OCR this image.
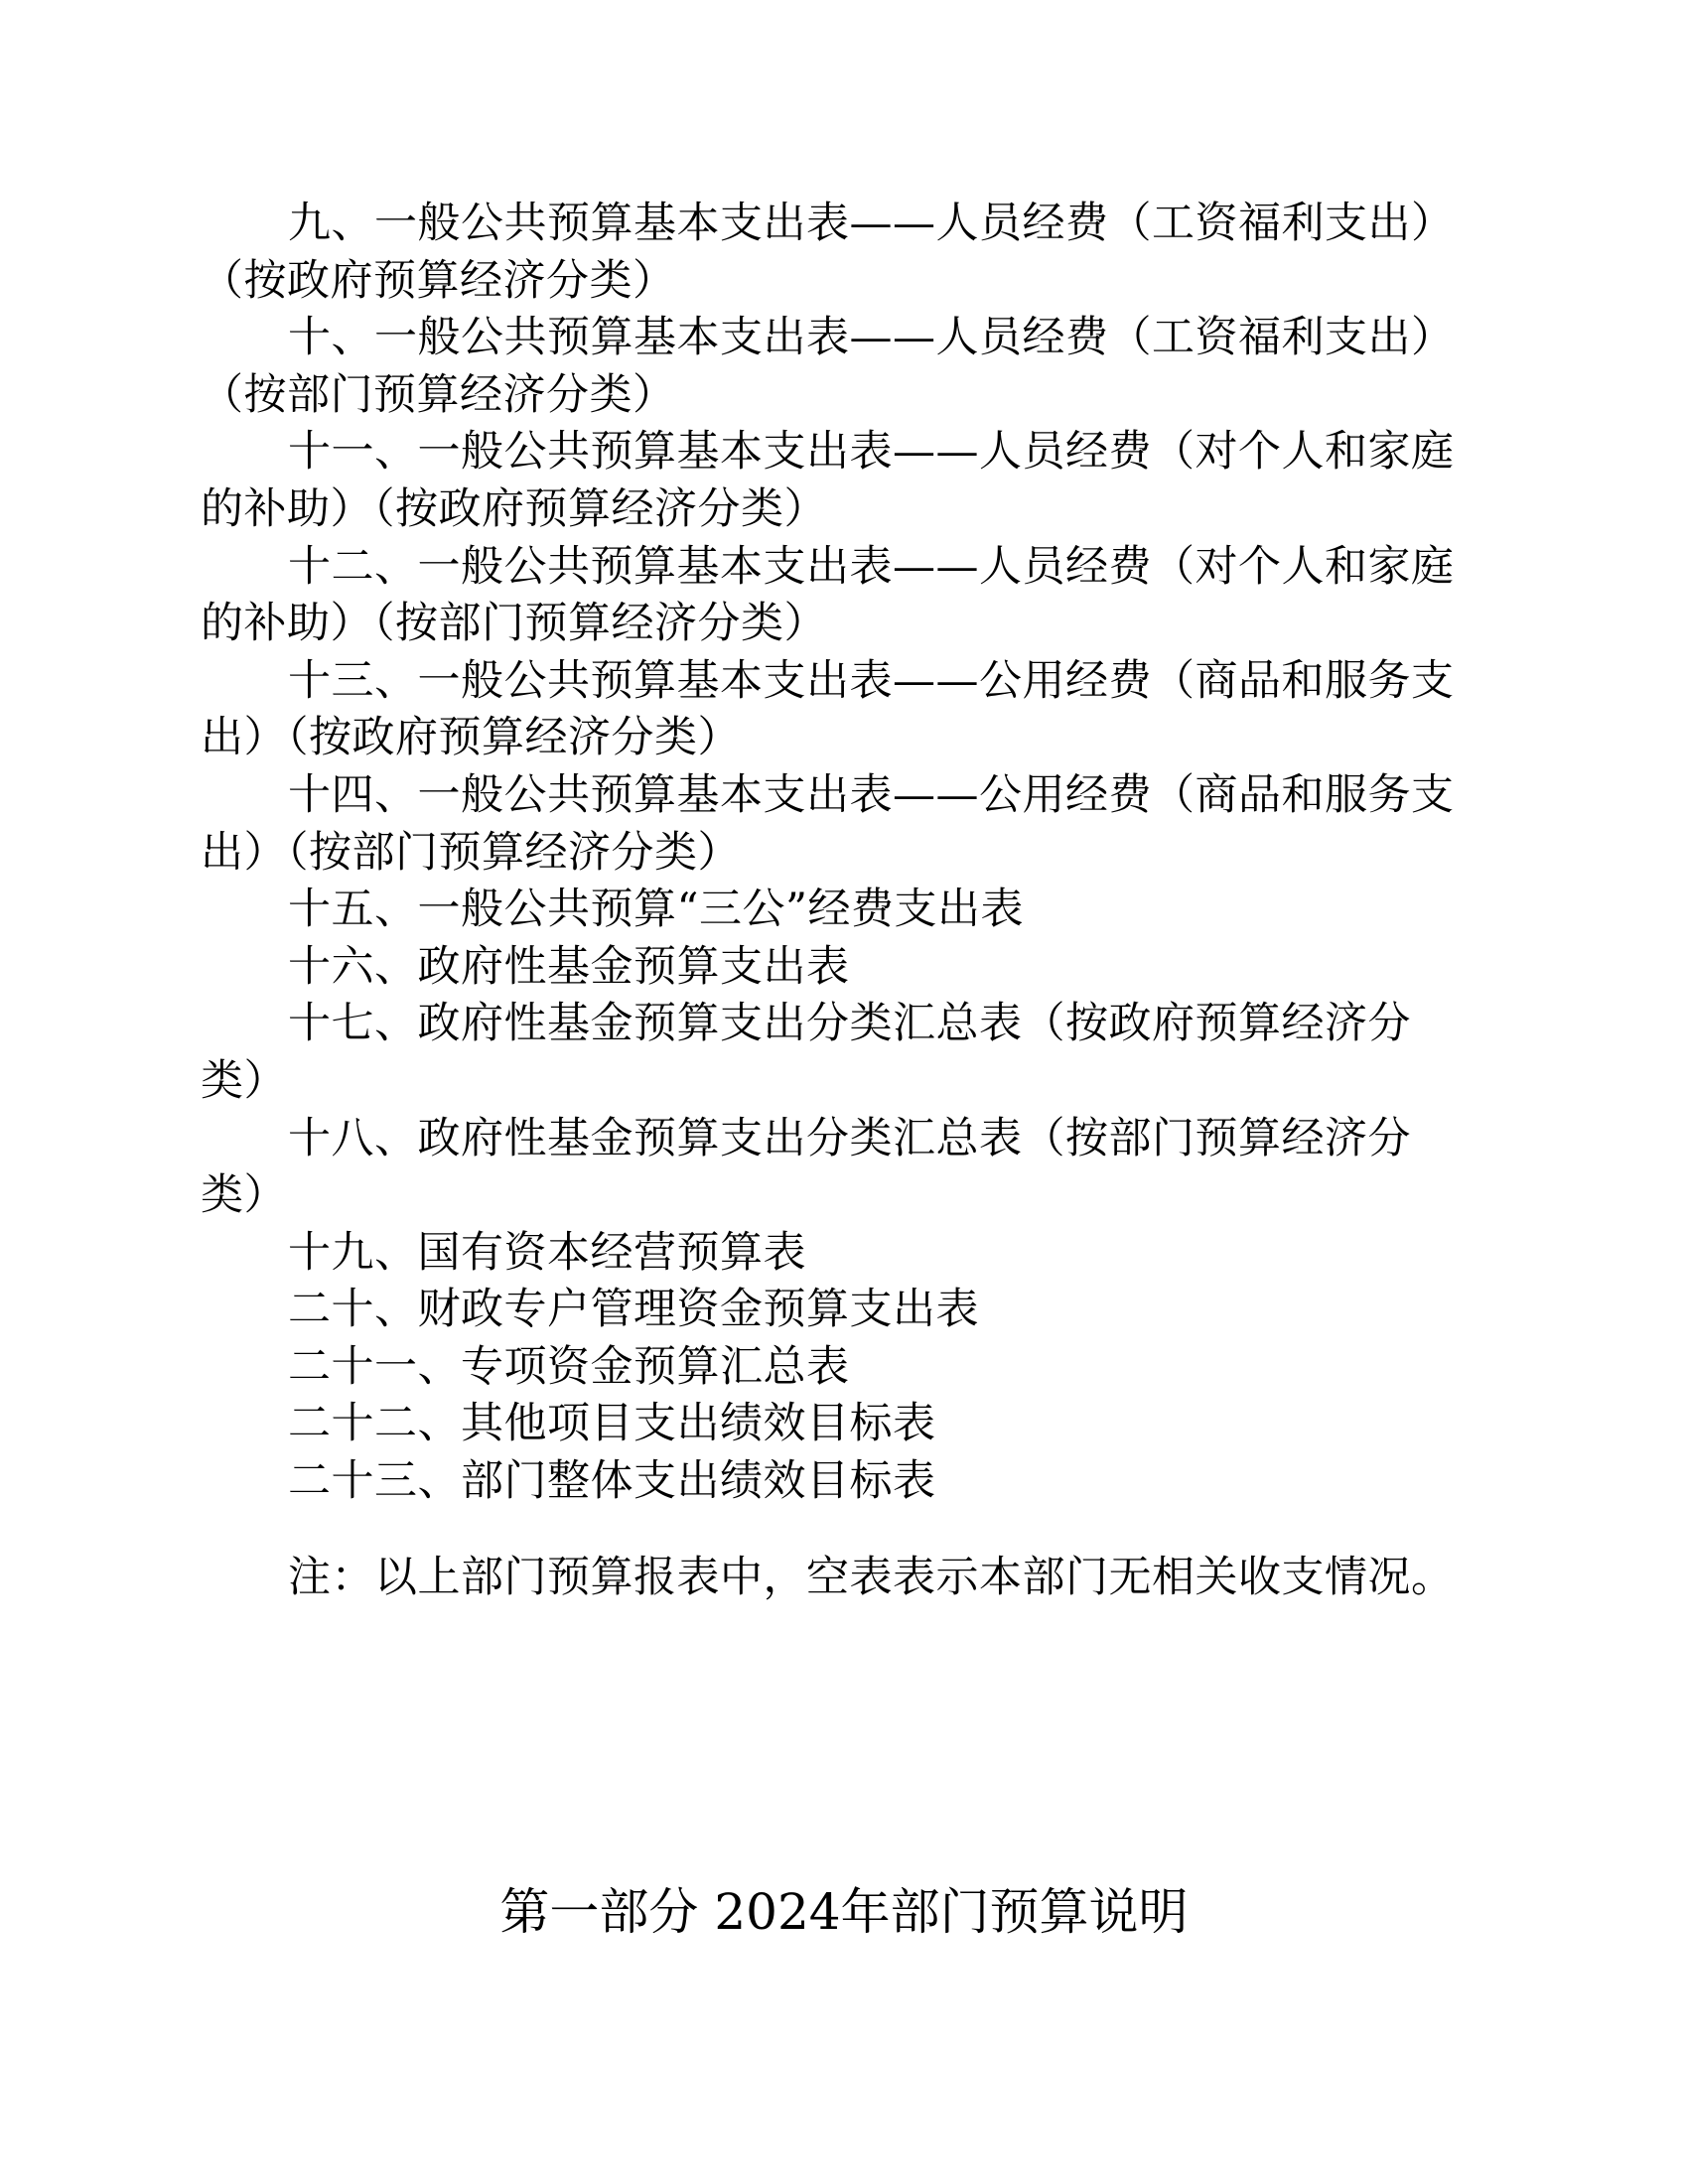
九、一般公共预算基本支出表——人员经费（工资福利支出）（按政府预算经济分类）
十、一般公共预算基本支出表——人员经费（工资福利支出）（按部门预算经济分类）
十一、一般公共预算基本支出表——人员经费（对个人和家庭的补助）（按政府预算经济分类）
十二、一般公共预算基本支出表——人员经费（对个人和家庭的补助）（按部门预算经济分类）
十三、一般公共预算基本支出表——公用经费（商品和服务支出）（按政府预算经济分类）
十四、一般公共预算基本支出表——公用经费（商品和服务支出）（按部门预算经济分类）
十五、一般公共预算“三公”经费支出表
十六、政府性基金预算支出表
十七、政府性基金预算支出分类汇总表（按政府预算经济分类）
十八、政府性基金预算支出分类汇总表（按部门预算经济分类）
十九、国有资本经营预算表
二十、财政专户管理资金预算支出表
二十一、专项资金预算汇总表
二十二、其他项目支出绩效目标表
二十三、部门整体支出绩效目标表

注：以上部门预算报表中，空表表示本部门无相关收支情况。

第一部分 2024年部门预算说明
